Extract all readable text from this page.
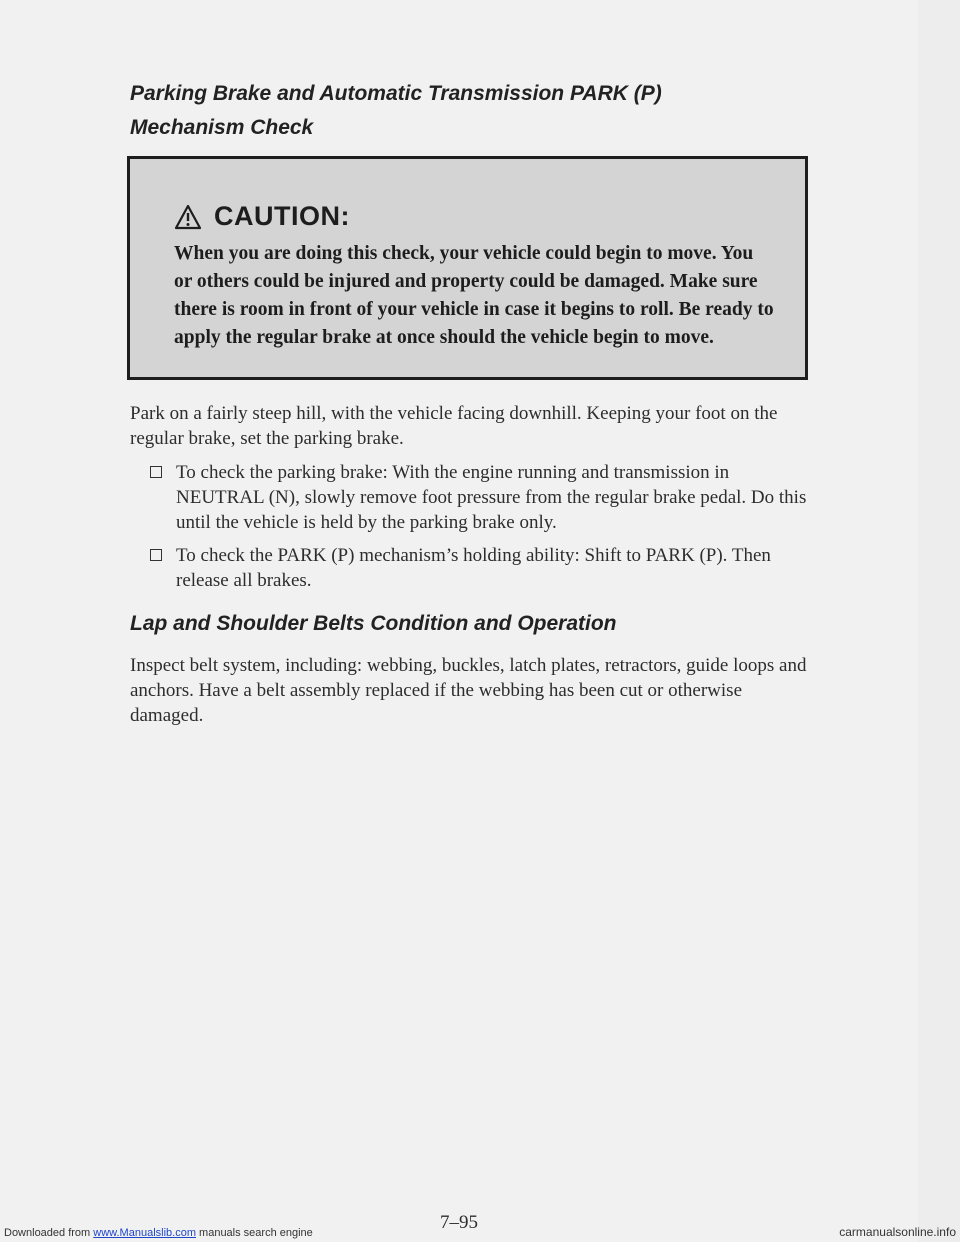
Parking Brake and Automatic Transmission PARK (P)
Mechanism Check
CAUTION:

When you are doing this check, your vehicle could begin to move. You or others could be injured and property could be damaged. Make sure there is room in front of your vehicle in case it begins to roll. Be ready to apply the regular brake at once should the vehicle begin to move.

Park on a fairly steep hill, with the vehicle facing downhill. Keeping your foot on the regular brake, set the parking brake.

To check the parking brake: With the engine running and transmission in NEUTRAL (N), slowly remove foot pressure from the regular brake pedal. Do this until the vehicle is held by the parking brake only.

To check the PARK (P) mechanism’s holding ability: Shift to PARK (P). Then release all brakes.

Lap and Shoulder Belts Condition and Operation

Inspect belt system, including: webbing, buckles, latch plates, retractors, guide loops and anchors. Have a belt assembly replaced if the webbing has been cut or otherwise damaged.

7–95

Downloaded from www.Manualslib.com manuals search engine	carmanualsonline.info
